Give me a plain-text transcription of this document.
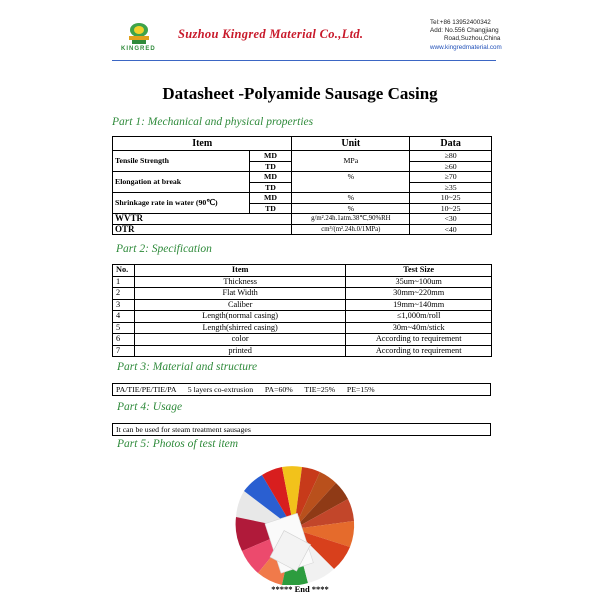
KINGRED
Suzhou Kingred Material Co.,Ltd.
Tel:+86 13952400342
Add: No.556 Changjiang
Road,Suzhou,China
www.kingredmaterial.com
Datasheet -Polyamide Sausage Casing
Part 1: Mechanical and physical properties
Item		Unit	Data
Tensile Strength	MD	MPa	≥80
	TD		≥60
Elongation at break	MD	%	≥70
	TD		≥35
Shrinkage rate in water (90℃)	MD	%	10~25
	TD	%	10~25
WVTR		g/m².24h.1atm.38℃,90%RH	<30
OTR		cm³/(m².24h.0/1MPa)	<40
Part 2: Specification
No.	Item	Test Size
1	Thickness	35um~100um
2	Flat Width	30mm~220mm
3	Caliber	19mm~140mm
4	Length(normal casing)	≤1,000m/roll
5	Length(shirred casing)	30m~40m/stick
6	color	According to requirement
7	printed	According to requirement
Part 3: Material and structure
PA/TIE/PE/TIE/PA      5 layers co-extrusion      PA=60%      TIE=25%      PE=15%
Part 4: Usage
It can be used for steam treatment sausages
Part 5: Photos of test item
***** End ****
